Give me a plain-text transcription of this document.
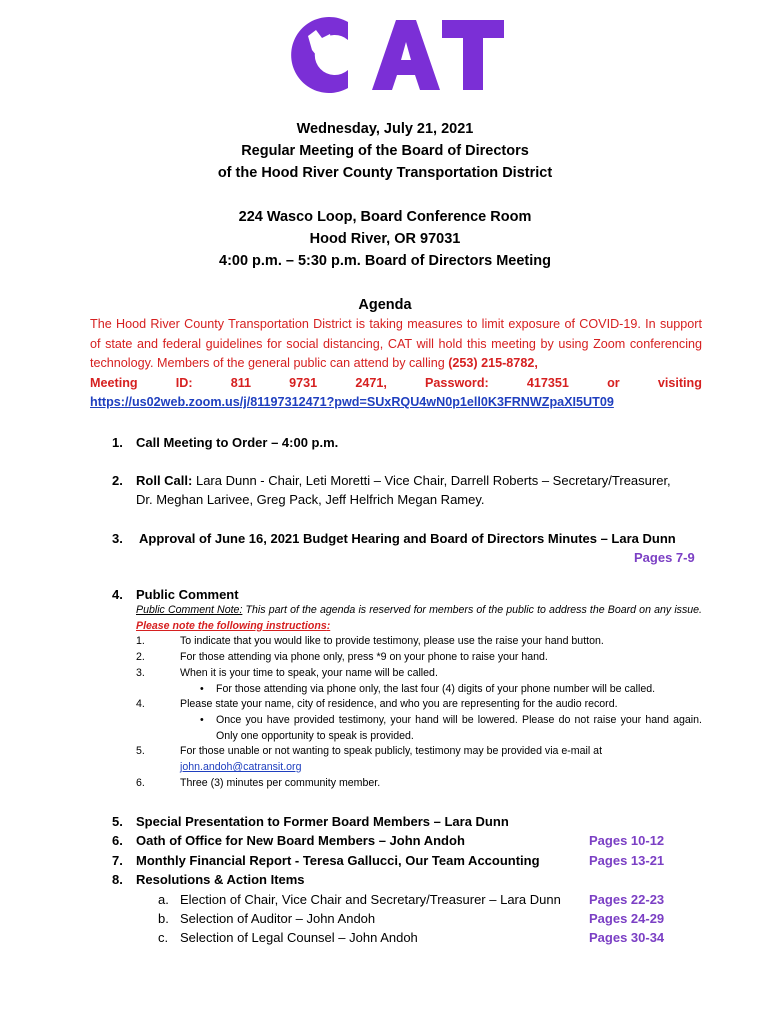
Wednesday, July 21, 2021
Regular Meeting of the Board of Directors
of the Hood River County Transportation District
224 Wasco Loop, Board Conference Room
Hood River, OR 97031
4:00 p.m. – 5:30 p.m. Board of Directors Meeting
Agenda
The Hood River County Transportation District is taking measures to limit exposure of COVID-19. In support of state and federal guidelines for social distancing, CAT will hold this meeting by using Zoom conferencing technology. Members of the general public can attend by calling (253) 215-8782,
Meeting	ID:	811	9731	2471,	Password:	417351	or	visiting
https://us02web.zoom.us/j/81197312471?pwd=SUxRQU4wN0p1ell0K3FRNWZpaXI5UT09
1. Call Meeting to Order – 4:00 p.m.
2. Roll Call: Lara Dunn - Chair, Leti Moretti – Vice Chair, Darrell Roberts – Secretary/Treasurer,
Dr. Meghan Larivee, Greg Pack, Jeff Helfrich Megan Ramey.
3. Approval of June 16, 2021 Budget Hearing and Board of Directors Minutes – Lara Dunn
Pages 7-9
4. Public Comment
Public Comment Note: This part of the agenda is reserved for members of the public to address the Board on any issue. Please note the following instructions:
1.	To indicate that you would like to provide testimony, please use the raise your hand button.
2.	For those attending via phone only, press *9 on your phone to raise your hand.
3.	When it is your time to speak, your name will be called.
• For those attending via phone only, the last four (4) digits of your phone number will be called.
4.	Please state your name, city of residence, and who you are representing for the audio record.
• Once you have provided testimony, your hand will be lowered. Please do not raise your hand again. Only one opportunity to speak is provided.
5.	For those unable or not wanting to speak publicly, testimony may be provided via e-mail at
john.andoh@catransit.org
6.	Three (3) minutes per community member.
5. Special Presentation to Former Board Members – Lara Dunn
6. Oath of Office for New Board Members – John Andoh	Pages 10-12
7. Monthly Financial Report - Teresa Gallucci, Our Team Accounting	Pages 13-21
8. Resolutions & Action Items
a. Election of Chair, Vice Chair and Secretary/Treasurer – Lara Dunn Pages 22-23
b. Selection of Auditor – John Andoh	Pages 24-29
c. Selection of Legal Counsel – John Andoh	Pages 30-34
